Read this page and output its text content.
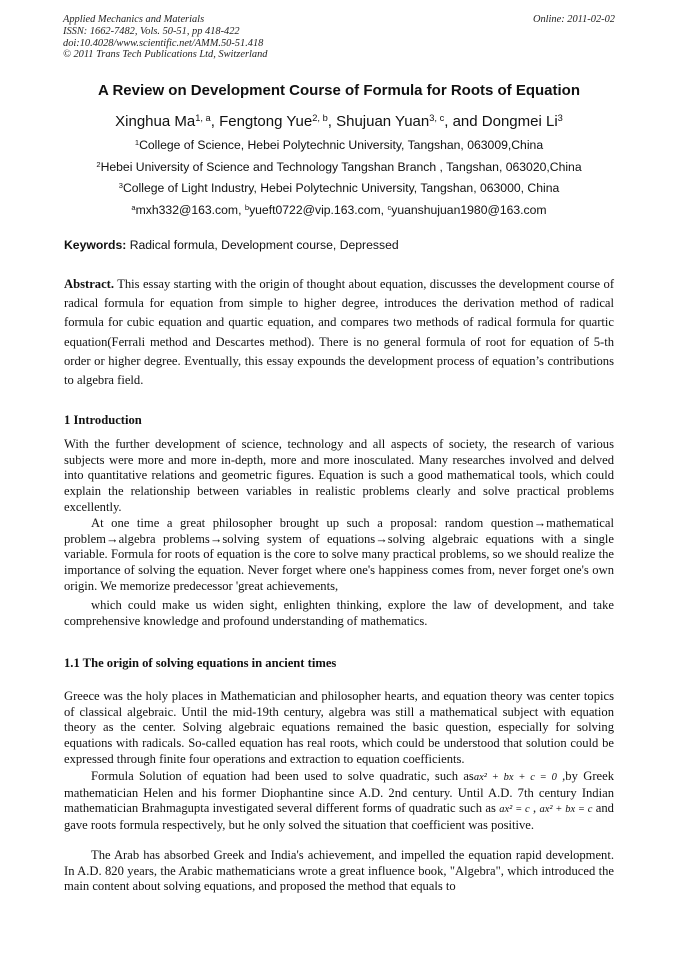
Applied Mechanics and Materials
ISSN: 1662-7482, Vols. 50-51, pp 418-422
doi:10.4028/www.scientific.net/AMM.50-51.418
© 2011 Trans Tech Publications Ltd, Switzerland
Online: 2011-02-02
A Review on Development Course of Formula for Roots of Equation
Xinghua Ma$^{1, a}$, Fengtong Yue$^{2, b}$, Shujuan Yuan$^{3, c}$, and Dongmei Li$^3$
$^1$College of Science, Hebei Polytechnic University, Tangshan, 063009,China
$^2$Hebei University of Science and Technology Tangshan Branch , Tangshan, 063020,China
$^3$College of Light Industry, Hebei Polytechnic University, Tangshan, 063000, China
$^a$mxh332@163.com, $^b$yueft0722@vip.163.com, $^c$yuanshujuan1980@163.com
Keywords: Radical formula, Development course, Depressed
Abstract. This essay starting with the origin of thought about equation, discusses the development course of radical formula for equation from simple to higher degree, introduces the derivation method of radical formula for cubic equation and quartic equation, and compares two methods of radical formula for quartic equation(Ferrali method and Descartes method). There is no general formula of root for equation of 5-th order or higher degree. Eventually, this essay expounds the development process of equation’s contributions to algebra field.
1 Introduction
With the further development of science, technology and all aspects of society, the research of various subjects were more and more in-depth, more and more inosculated. Many researches involved and delved into quantitative relations and geometric figures. Equation is such a good mathematical tools, which could explain the relationship between variables in realistic problems clearly and solve practical problems excellently.
At one time a great philosopher brought up such a proposal: random question→mathematical problem→algebra problems→solving system of equations→solving algebraic equations with a single variable. Formula for roots of equation is the core to solve many practical problems, so we should realize the importance of solving the equation. Never forget where one's happiness comes from, never forget one's own origin. We memorize predecessor 'great achievements,
which could make us widen sight, enlighten thinking, explore the law of development, and take comprehensive knowledge and profound understanding of mathematics.
1.1 The origin of solving equations in ancient times
Greece was the holy places in Mathematician and philosopher hearts, and equation theory was center topics of classical algebraic. Until the mid-19th century, algebra was still a mathematical subject with equation theory as the center. Solving algebraic equations remained the basic question, especially for solving equations with radicals. So-called equation has real roots, which could be understood that solution could be expressed through finite four operations and extraction to equation coefficients.
Formula Solution of equation had been used to solve quadratic, such asax² + bx + c = 0 ,by Greek mathematician Helen and his former Diophantine since A.D. 2nd century. Until A.D. 7th century Indian mathematician Brahmagupta investigated several different forms of quadratic such as ax² = c , ax² + bx = c and gave roots formula respectively, but he only solved the situation that coefficient was positive.
The Arab has absorbed Greek and India's achievement, and impelled the equation rapid development. In A.D. 820 years, the Arabic mathematicians wrote a great influence book, "Algebra", which introduced the main content about solving equations, and proposed the method that equals to
